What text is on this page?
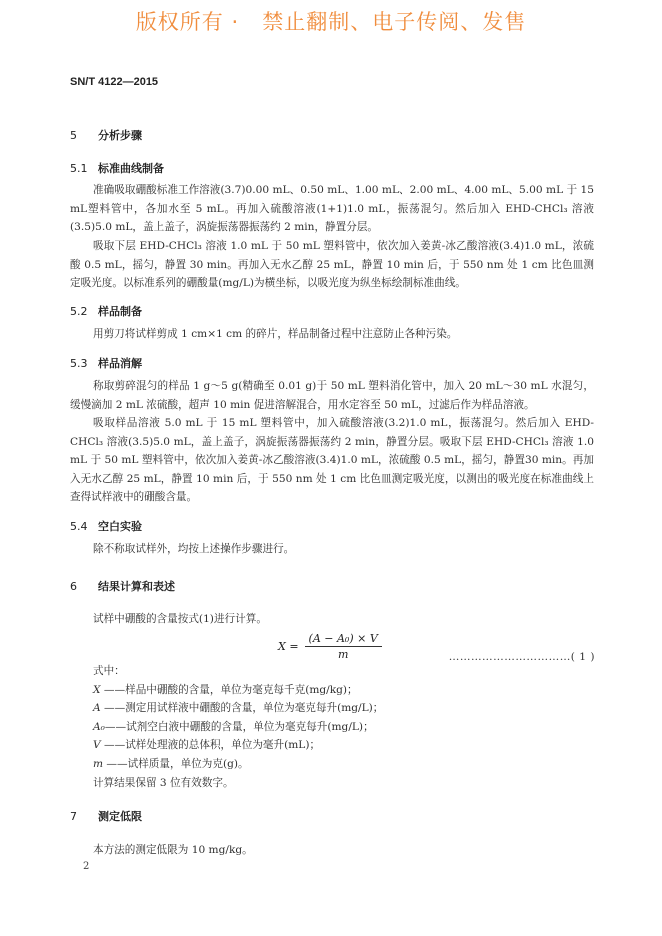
版权所有 ·   禁止翻制、电子传阅、发售
SN/T 4122—2015
5 分析步骤
5.1 标准曲线制备
准确吸取硼酸标准工作溶液(3.7)0.00 mL、0.50 mL、1.00 mL、2.00 mL、4.00 mL、5.00 mL 于 15 mL塑料管中，各加水至 5 mL。再加入硫酸溶液(1+1)1.0 mL，振荡混匀。然后加入 EHD-CHCl₃ 溶液(3.5)5.0 mL，盖上盖子，涡旋振荡器振荡约 2 min，静置分层。
吸取下层 EHD-CHCl₃ 溶液 1.0 mL 于 50 mL 塑料管中，依次加入姜黄-冰乙酸溶液(3.4)1.0 mL，浓硫酸 0.5 mL，摇匀，静置 30 min。再加入无水乙醇 25 mL，静置 10 min 后，于 550 nm 处 1 cm 比色皿测定吸光度。以标准系列的硼酸量(mg/L)为横坐标，以吸光度为纵坐标绘制标准曲线。
5.2 样品制备
用剪刀将试样剪成 1 cm×1 cm 的碎片，样品制备过程中注意防止各种污染。
5.3 样品消解
称取剪碎混匀的样品 1 g～5 g(精确至 0.01 g)于 50 mL 塑料消化管中，加入 20 mL～30 mL 水混匀，缓慢滴加 2 mL 浓硫酸，超声 10 min 促进溶解混合，用水定容至 50 mL，过滤后作为样品溶液。
吸取样品溶液 5.0 mL 于 15 mL 塑料管中，加入硫酸溶液(3.2)1.0 mL，振荡混匀。然后加入 EHD-CHCl₃ 溶液(3.5)5.0 mL，盖上盖子，涡旋振荡器振荡约 2 min，静置分层。吸取下层 EHD-CHCl₃ 溶液 1.0 mL 于 50 mL 塑料管中，依次加入姜黄-冰乙酸溶液(3.4)1.0 mL，浓硫酸 0.5 mL，摇匀，静置30 min。再加入无水乙醇 25 mL，静置 10 min 后，于 550 nm 处 1 cm 比色皿测定吸光度，以测出的吸光度在标准曲线上查得试样液中的硼酸含量。
5.4 空白实验
除不称取试样外，均按上述操作步骤进行。
6 结果计算和表述
试样中硼酸的含量按式(1)进行计算。
$X = \frac{\text{(A − A₀) × V}}{m}$	……………………………( 1 )

式中：
X ——样品中硼酸的含量，单位为毫克每千克(mg/kg)；
A ——测定用试样液中硼酸的含量，单位为毫克每升(mg/L)；
A₀——试剂空白液中硼酸的含量，单位为毫克每升(mg/L)；
V ——试样处理液的总体积，单位为毫升(mL)；
m ——试样质量，单位为克(g)。
计算结果保留 3 位有效数字。
7 测定低限
本方法的测定低限为 10 mg/kg。
2
